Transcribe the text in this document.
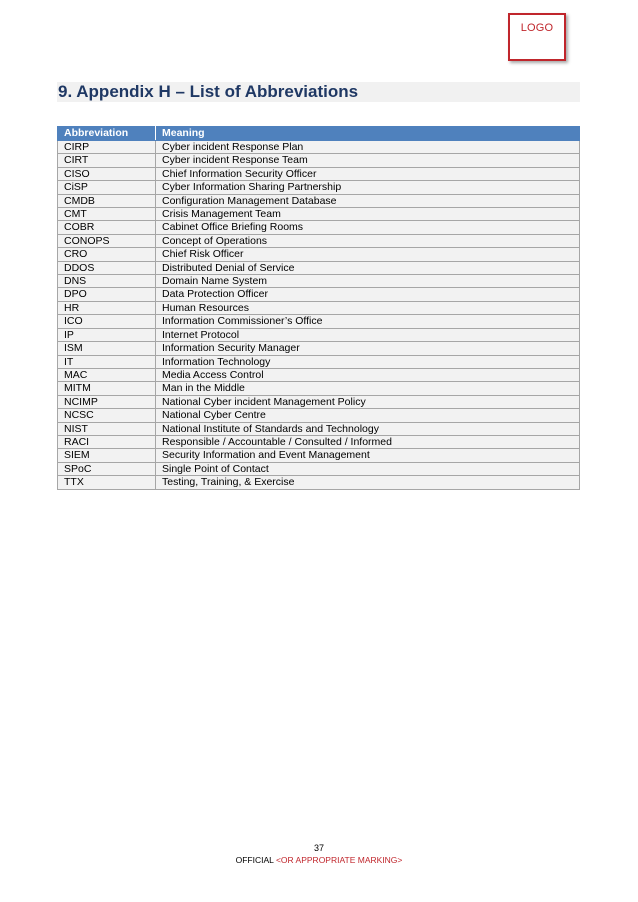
LOGO
9. Appendix H – List of Abbreviations
Abbreviation	Meaning
CIRP	Cyber incident Response Plan
CIRT	Cyber incident Response Team
CISO	Chief Information Security Officer
CiSP	Cyber Information Sharing Partnership
CMDB	Configuration Management Database
CMT	Crisis Management Team
COBR	Cabinet Office Briefing Rooms
CONOPS	Concept of Operations
CRO	Chief Risk Officer
DDOS	Distributed Denial of Service
DNS	Domain Name System
DPO	Data Protection Officer
HR	Human Resources
ICO	Information Commissioner’s Office
IP	Internet Protocol
ISM	Information Security Manager
IT	Information Technology
MAC	Media Access Control
MITM	Man in the Middle
NCIMP	National Cyber incident Management Policy
NCSC	National Cyber Centre
NIST	National Institute of Standards and Technology
RACI	Responsible / Accountable / Consulted / Informed
SIEM	Security Information and Event Management
SPoC	Single Point of Contact
TTX	Testing, Training, & Exercise
37
OFFICIAL <OR APPROPRIATE MARKING>
